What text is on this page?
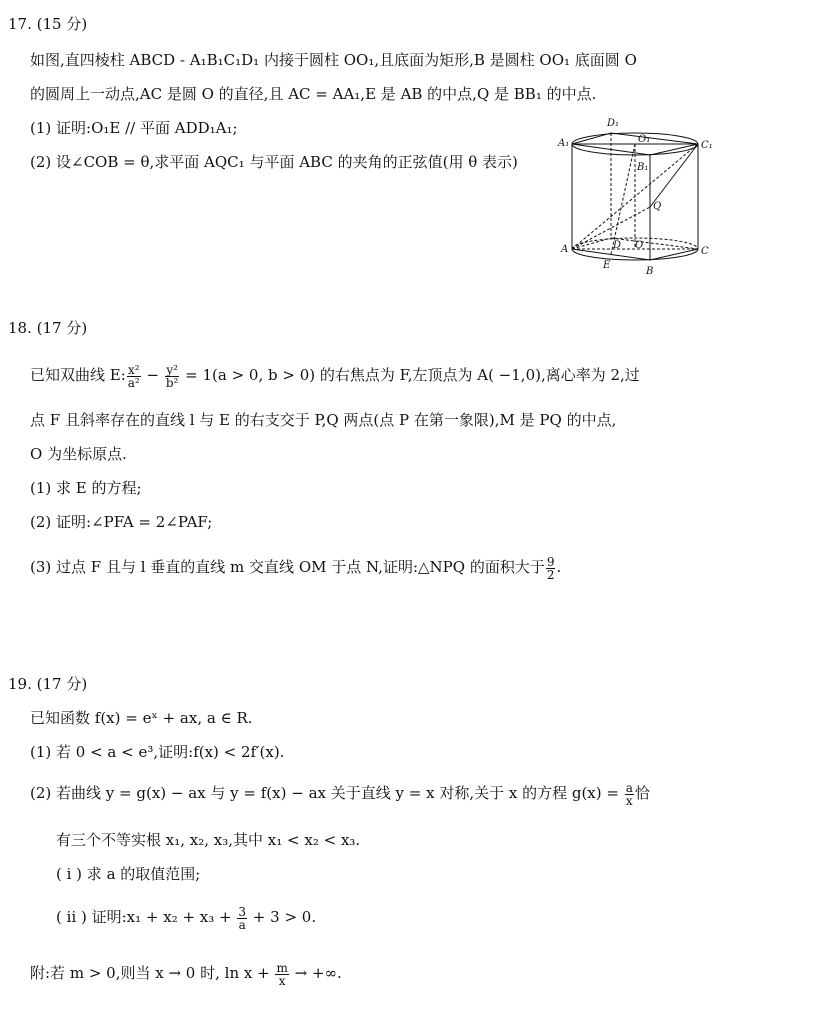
17. (15 分)
如图,直四棱柱 ABCD - A₁B₁C₁D₁ 内接于圆柱 OO₁,且底面为矩形,B 是圆柱 OO₁ 底面圆 O
的圆周上一动点,AC 是圆 O 的直径,且 AC = AA₁,E 是 AB 的中点,Q 是 BB₁ 的中点.
(1) 证明:O₁E // 平面 ADD₁A₁;
(2) 设∠COB = θ,求平面 AQC₁ 与平面 ABC 的夹角的正弦值(用 θ 表示)
A₁
D₁
C₁
O₁
B₁
Q
A	D O
C
E
B
18. (17 分)
已知双曲线 E: $\frac{\text{x²}}{\text{a²}} - \frac{\text{y²}}{\text{b²}} = 1(a > 0$, b > 0) 的右焦点为 F,左顶点为 A( −1,0),离心率为 2,过
点 F 且斜率存在的直线 l 与 E 的右支交于 P,Q 两点(点 P 在第一象限),M 是 PQ 的中点,
O 为坐标原点.
(1) 求 E 的方程;
(2) 证明:∠PFA = 2∠PAF;
(3) 过点 F 且与 l 垂直的直线 m 交直线 OM 于点 N,证明:△NPQ 的面积大于 $\frac{9}{2}$ .
19. (17 分)
已知函数 f(x) = eˣ + ax, a ∈ R.
(1) 若 0 < a < e³,证明:f(x) < 2f′(x).
(2) 若曲线 y = g(x) − ax 与 y = f(x) − ax 关于直线 y = x 对称,关于 x 的方程 $g(x) = \frac{a}{x}$ 恰
有三个不等实根 x₁, x₂, x₃,其中 x₁ < x₂ < x₃.
( ⅰ ) 求 a 的取值范围;
( ⅱ ) 证明:x₁ + $x_2 + x_3 + \frac{3}{a} + 3 > 0$.
附:若 m > 0,则当 x → 0 时, $\ln x + \frac{m}{x}$ → +∞.
